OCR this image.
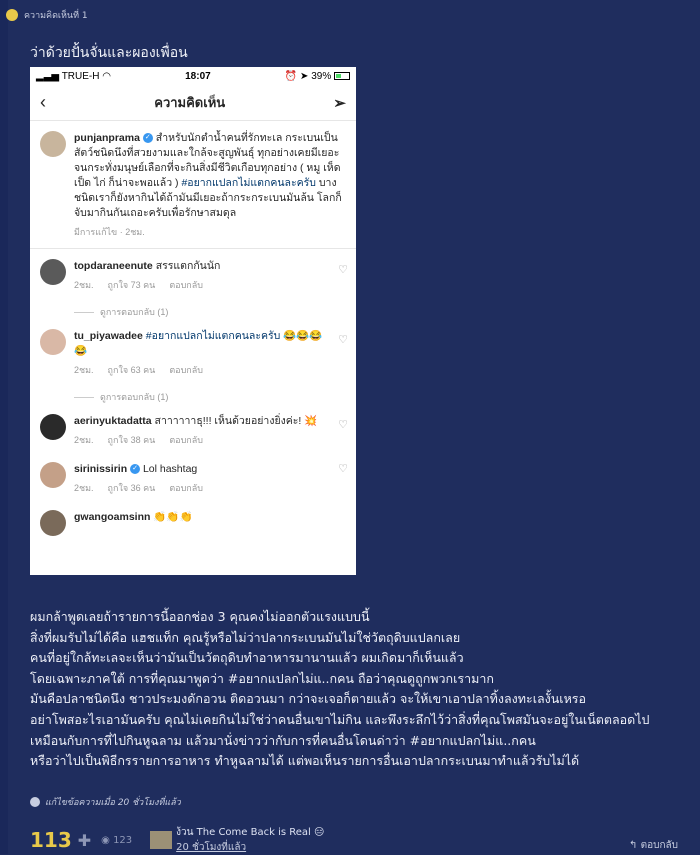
ความคิดเห็นที่ 1
ว่าด้วยปั้นจั่นและผองเพื่อน
▂▃▅ TRUE-H ◠	18:07	⏰ ➤ 39%
‹	ความคิดเห็น	➢
punjanprama ✓ สำหรับนักตำน้ำคนที่รักทะเล กระเบนเป็นสัตว์ชนิดนึงที่สวยงามและใกล้จะสูญพันธุ์ ทุกอย่างเคยมีเยอะจนกระทั่งมนุษย์เลือกที่จะกินสิ่งมีชีวิตเกือบทุกอย่าง ( หมู เห็ด เป็ด ไก่ ก็น่าจะพอแล้ว ) #อยากแปลกไม่แตกคนละครับ บางชนิดเราก็ยังหากินได้ถ้ามันมีเยอะถ้ากระกระเบนมันล้น โลกก็จับมากินกันเถอะครับเพื่อรักษาสมดุล
มีการแก้ไข · 2ชม.
topdaraneenute สรรแตกกันนัก
2ชม. ถูกใจ 73 คน ตอบกลับ
♡
ดูการตอบกลับ (1)
tu_piyawadee #อยากแปลกไม่แตกคนละครับ 😂😂😂😂
2ชม. ถูกใจ 63 คน ตอบกลับ
♡
ดูการตอบกลับ (1)
aerinyuktadatta สาาาาาาธุ!!! เห็นด้วยอย่างยิ่งค่ะ! 💥
2ชม. ถูกใจ 38 คน ตอบกลับ
♡
sirinissirin ✓ Lol hashtag
2ชม. ถูกใจ 36 คน ตอบกลับ
♡
gwangoamsinn 👏👏👏
ผมกล้าพูดเลยถ้ารายการนี้ออกช่อง 3 คุณคงไม่ออกตัวแรงแบบนี้
สิ่งที่ผมรับไม่ได้คือ แฮชแท็ก คุณรู้หรือไม่ว่าปลากระเบนมันไม่ใช่วัตถุดิบแปลกเลย
คนที่อยู่ใกล้ทะเลจะเห็นว่ามันเป็นวัตถุดิบทำอาหารมานานแล้ว ผมเกิดมาก็เห็นแล้ว
โดยเฉพาะภาคใต้ การที่คุณมาพูดว่า #อยากแปลกไม่แ..กคน ถือว่าคุณดูถูกพวกเรามาก
มันคือปลาชนิดนึง ชาวประมงดักอวน ติดอวนมา กว่าจะเจอก็ตายแล้ว จะให้เขาเอาปลาทิ้งลงทะเลงั้นเหรอ
อย่าโพสอะไรเอามันครับ คุณไม่เคยกินไม่ใช่ว่าคนอื่นเขาไม่กิน และพึงระลึกไว้ว่าสิ่งที่คุณโพสมันจะอยู่ในเน็ตตลอดไป
เหมือนกับการที่ไปกินหูฉลาม แล้วมานั่งข่าวว่ากับการที่คนอื่นโดนด่าว่า #อยากแปลกไม่แ..กคน
หรือว่าไปเป็นพิธีกรรายการอาหาร ทำหูฉลามได้ แต่พอเห็นรายการอื่นเอาปลากระเบนมาทำแล้วรับไม่ได้
แก้ไขข้อความเมื่อ 20 ชั่วโมงที่แล้ว
113 ✚ ◉ 123
ง้วน The Come Back is Real 😑
20 ชั่วโมงที่แล้ว	↰ ตอบกลับ
